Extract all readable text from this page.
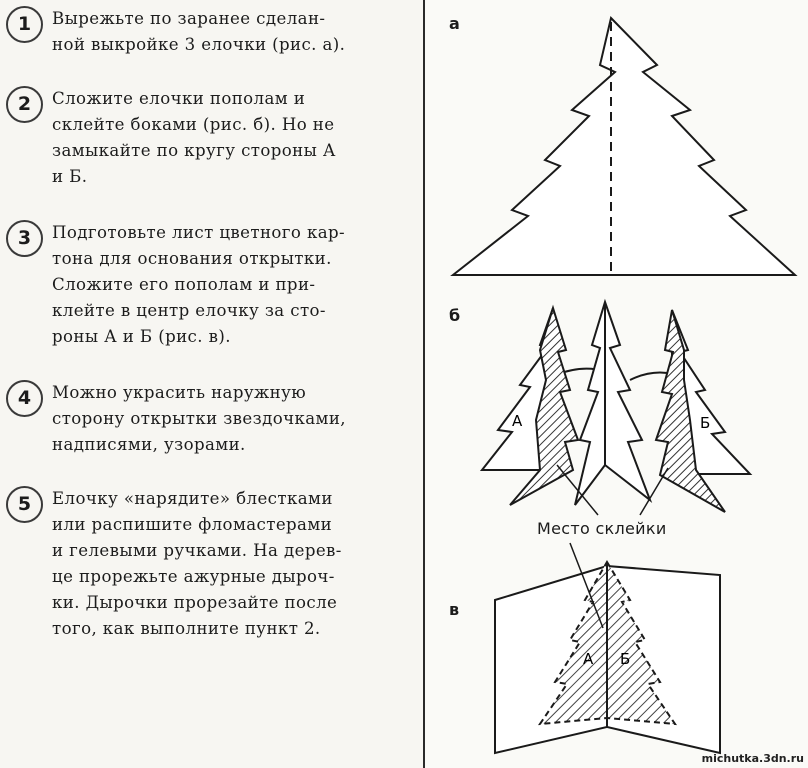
1	Вырежьте по заранее сделан-
ной выкройке 3 елочки (рис. а).
2	Сложите елочки пополам и
склейте боками (рис. б). Но не
замыкайте по кругу стороны А
и Б.
3	Подготовьте лист цветного кар-
тона для основания открытки.
Сложите его пополам и при-
клейте в центр елочку за сто-
роны А и Б (рис. в).
4	Можно украсить наружную
сторону открытки звездочками,
надписями, узорами.
5	Елочку «нарядите» блестками
или распишите фломастерами
и гелевыми ручками. На дерев-
це прорежьте ажурные дыроч-
ки. Дырочки прорезайте после
того, как выполните пункт 2.
А	Б
А Б
а
б
в
Место склейки
michutka.3dn.ru
